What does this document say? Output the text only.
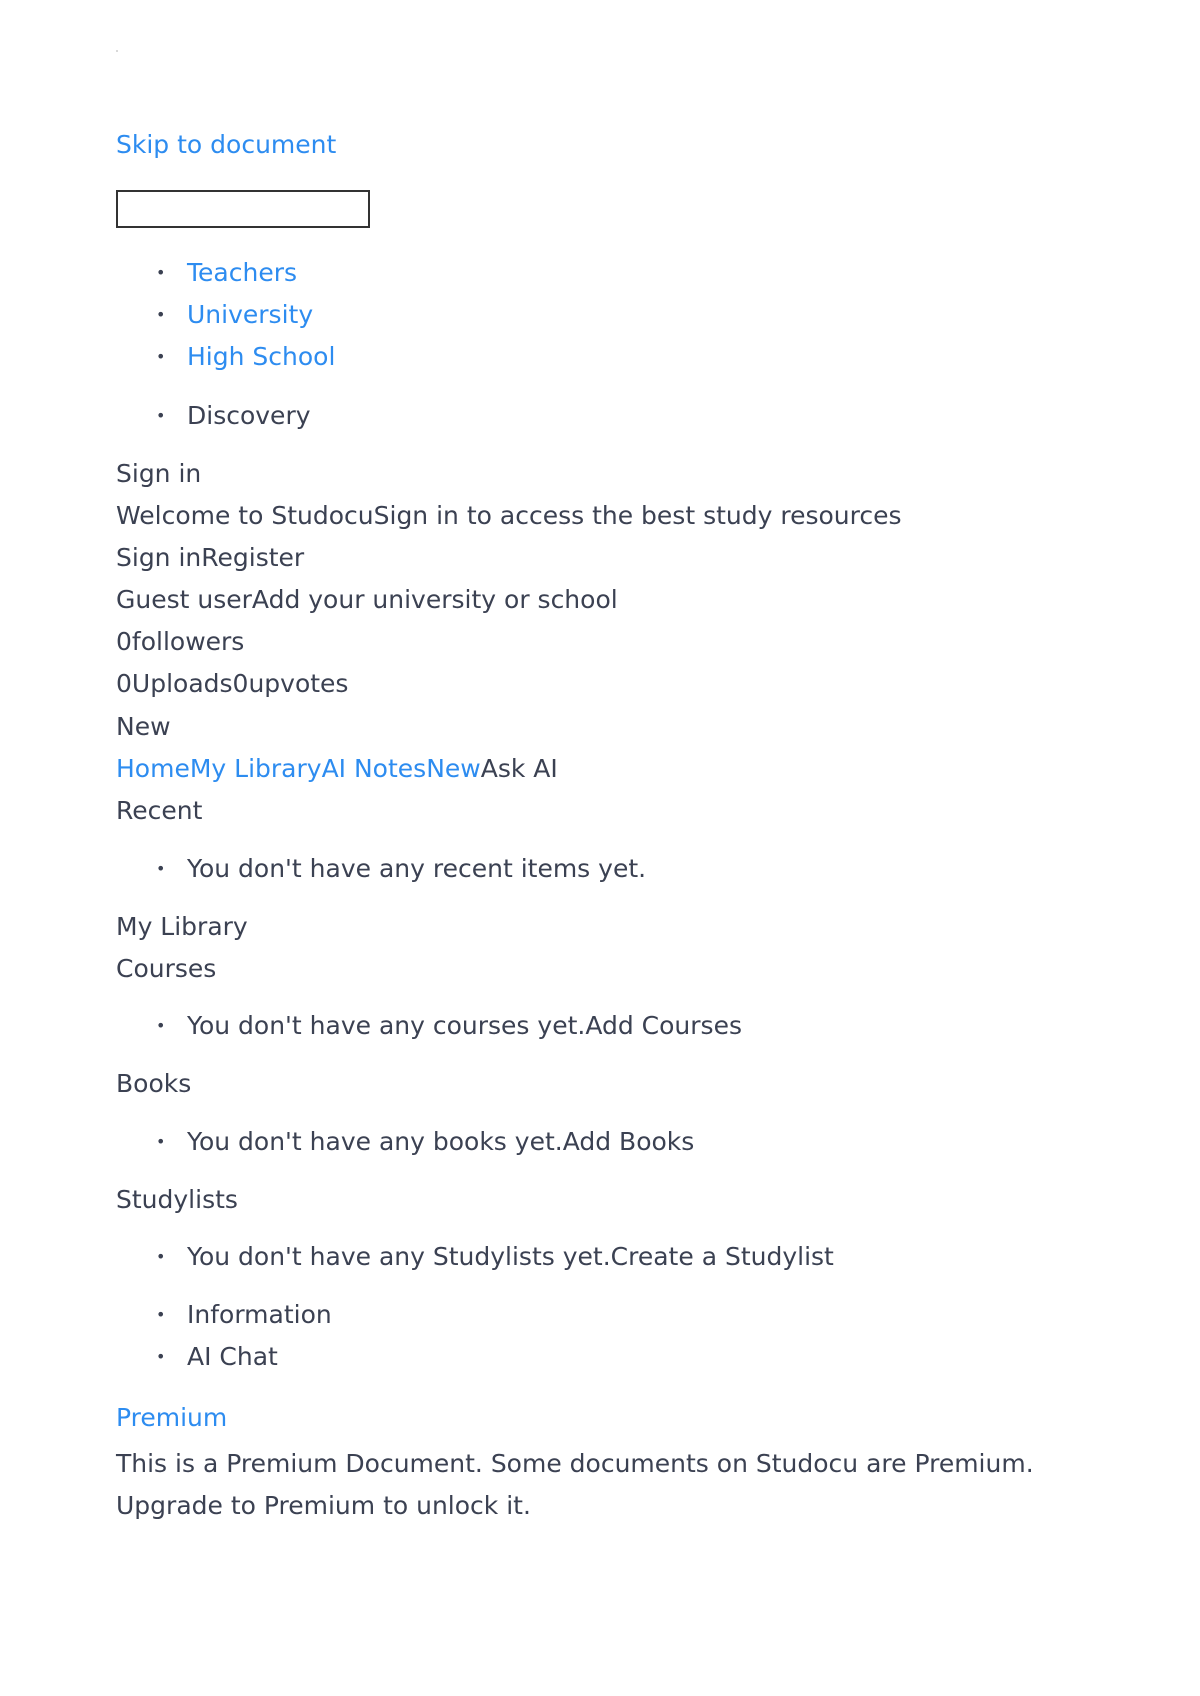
Skip to document

• Teachers
• University
• High School
• Discovery

Sign in

Welcome to StudocuSign in to access the best study resources

Sign inRegister

Guest userAdd your university or school

0followers

0Uploads0upvotes

New

HomeMy LibraryAI NotesNewAsk AI

Recent

• You don't have any recent items yet.

My Library

Courses

• You don't have any courses yet.Add Courses

Books

• You don't have any books yet.Add Books

Studylists

• You don't have any Studylists yet.Create a Studylist
• Information
• AI Chat

Premium

This is a Premium Document. Some documents on Studocu are Premium. Upgrade to Premium to unlock it.
